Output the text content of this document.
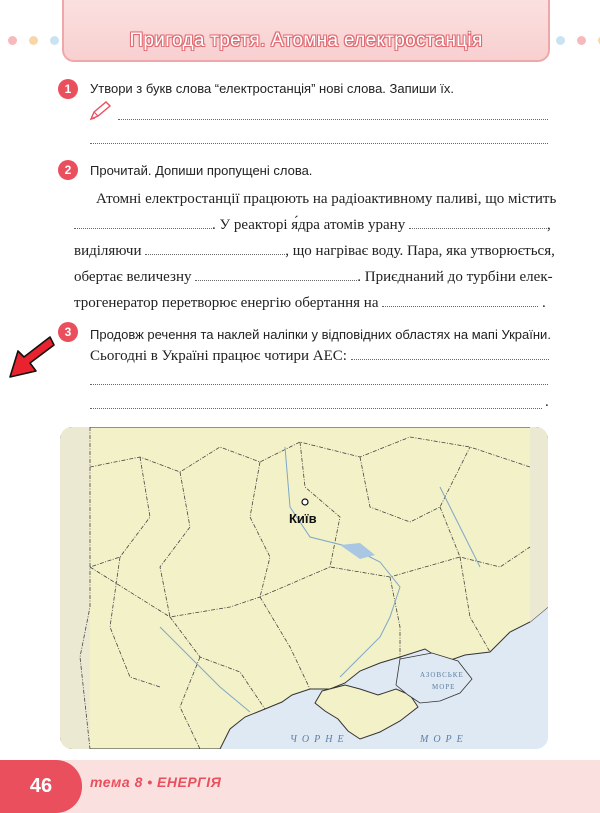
Пригода третя. Атомна електростанція
1	Утвори з букв слова “електростанція” нові слова. Запиши їх.
2	Прочитай. Допиши пропущені слова.
Атомні електростанції працюють на радіоактивному паливі, що містить
. У реакторі я́дра атомів урану	,
виділяючи	, що нагріває воду. Пара, яка утворюється,
обертає величезну	. Приєднаний до турбіни елек-
трогенератор перетворює енергію обертання на	.
3	Продовж речення та наклей наліпки у відповідних областях на мапі України.
Сьогодні в Україні працює чотири АЕС:
.
Київ
АЗОВСЬКЕ
МОРЕ
ЧОРНЕ	МОРЕ
46	тема 8 • ЕНЕРГІЯ
